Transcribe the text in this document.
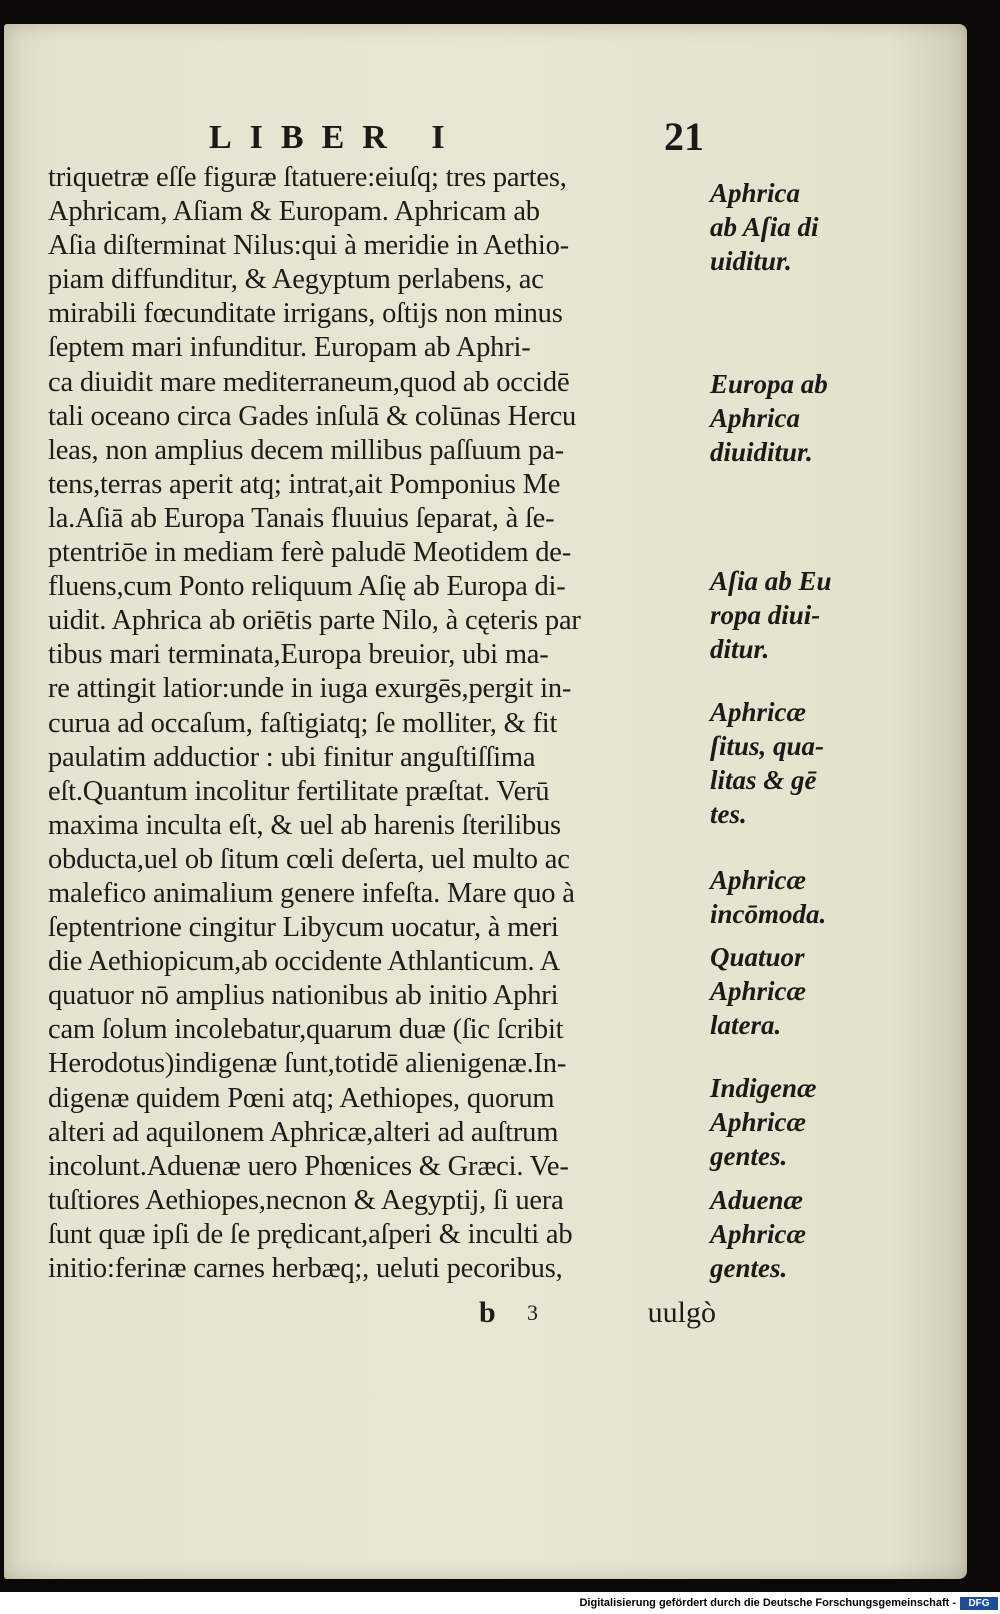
LIBER I	21
triquetræ eſſe figuræ ſtatuere:eiuſq; tres partes,
Aphricam, Aſiam & Europam. Aphricam ab
Aſia diſterminat Nilus:qui à meridie in Aethio-
piam diffunditur, & Aegyptum perlabens, ac
mirabili fœcunditate irrigans, oſtijs non minus
ſeptem mari infunditur. Europam ab Aphri-
ca diuidit mare mediterraneum,quod ab occidē
tali oceano circa Gades inſulā & colūnas Hercu
leas, non amplius decem millibus paſſuum pa-
tens,terras aperit atq; intrat,ait Pomponius Me
la.Aſiā ab Europa Tanais fluuius ſeparat, à ſe-
ptentriōe in mediam ferè paludē Meotidem de-
fluens,cum Ponto reliquum Aſię ab Europa di-
uidit. Aphrica ab oriētis parte Nilo, à cęteris par
tibus mari terminata,Europa breuior, ubi ma-
re attingit latior:unde in iuga exurgēs,pergit in-
curua ad occaſum, faſtigiatq; ſe molliter, & fit
paulatim adductior : ubi finitur anguſtiſſima
eſt.Quantum incolitur fertilitate præſtat. Verū
maxima inculta eſt, & uel ab harenis ſterilibus
obducta,uel ob ſitum cœli deſerta, uel multo ac
malefico animalium genere infeſta. Mare quo à
ſeptentrione cingitur Libycum uocatur, à meri
die Aethiopicum,ab occidente Athlanticum. A
quatuor nō amplius nationibus ab initio Aphri
cam ſolum incolebatur,quarum duæ (ſic ſcribit
Herodotus)indigenæ ſunt,totidē alienigenæ.In-
digenæ quidem Pœni atq; Aethiopes, quorum
alteri ad aquilonem Aphricæ,alteri ad auſtrum
incolunt.Aduenæ uero Phœnices & Græci. Ve-
tuſtiores Aethiopes,necnon & Aegyptij, ſi uera
ſunt quæ ipſi de ſe prędicant,aſperi & inculti ab
initio:ferinæ carnes herbæq;, ueluti pecoribus,
b 3	uulgò
Aphrica
ab Aſia di
uiditur.
Europa ab
Aphrica
diuiditur.
Aſia ab Eu
ropa diui-
ditur.
Aphricæ
ſitus, qua-
litas & gē
tes.
Aphricæ
incōmoda.
Quatuor
Aphricæ
latera.
Indigenæ
Aphricæ
gentes.
Aduenæ
Aphricæ
gentes.
Digitalisierung gefördert durch die Deutsche Forschungsgemeinschaft -	DFG
